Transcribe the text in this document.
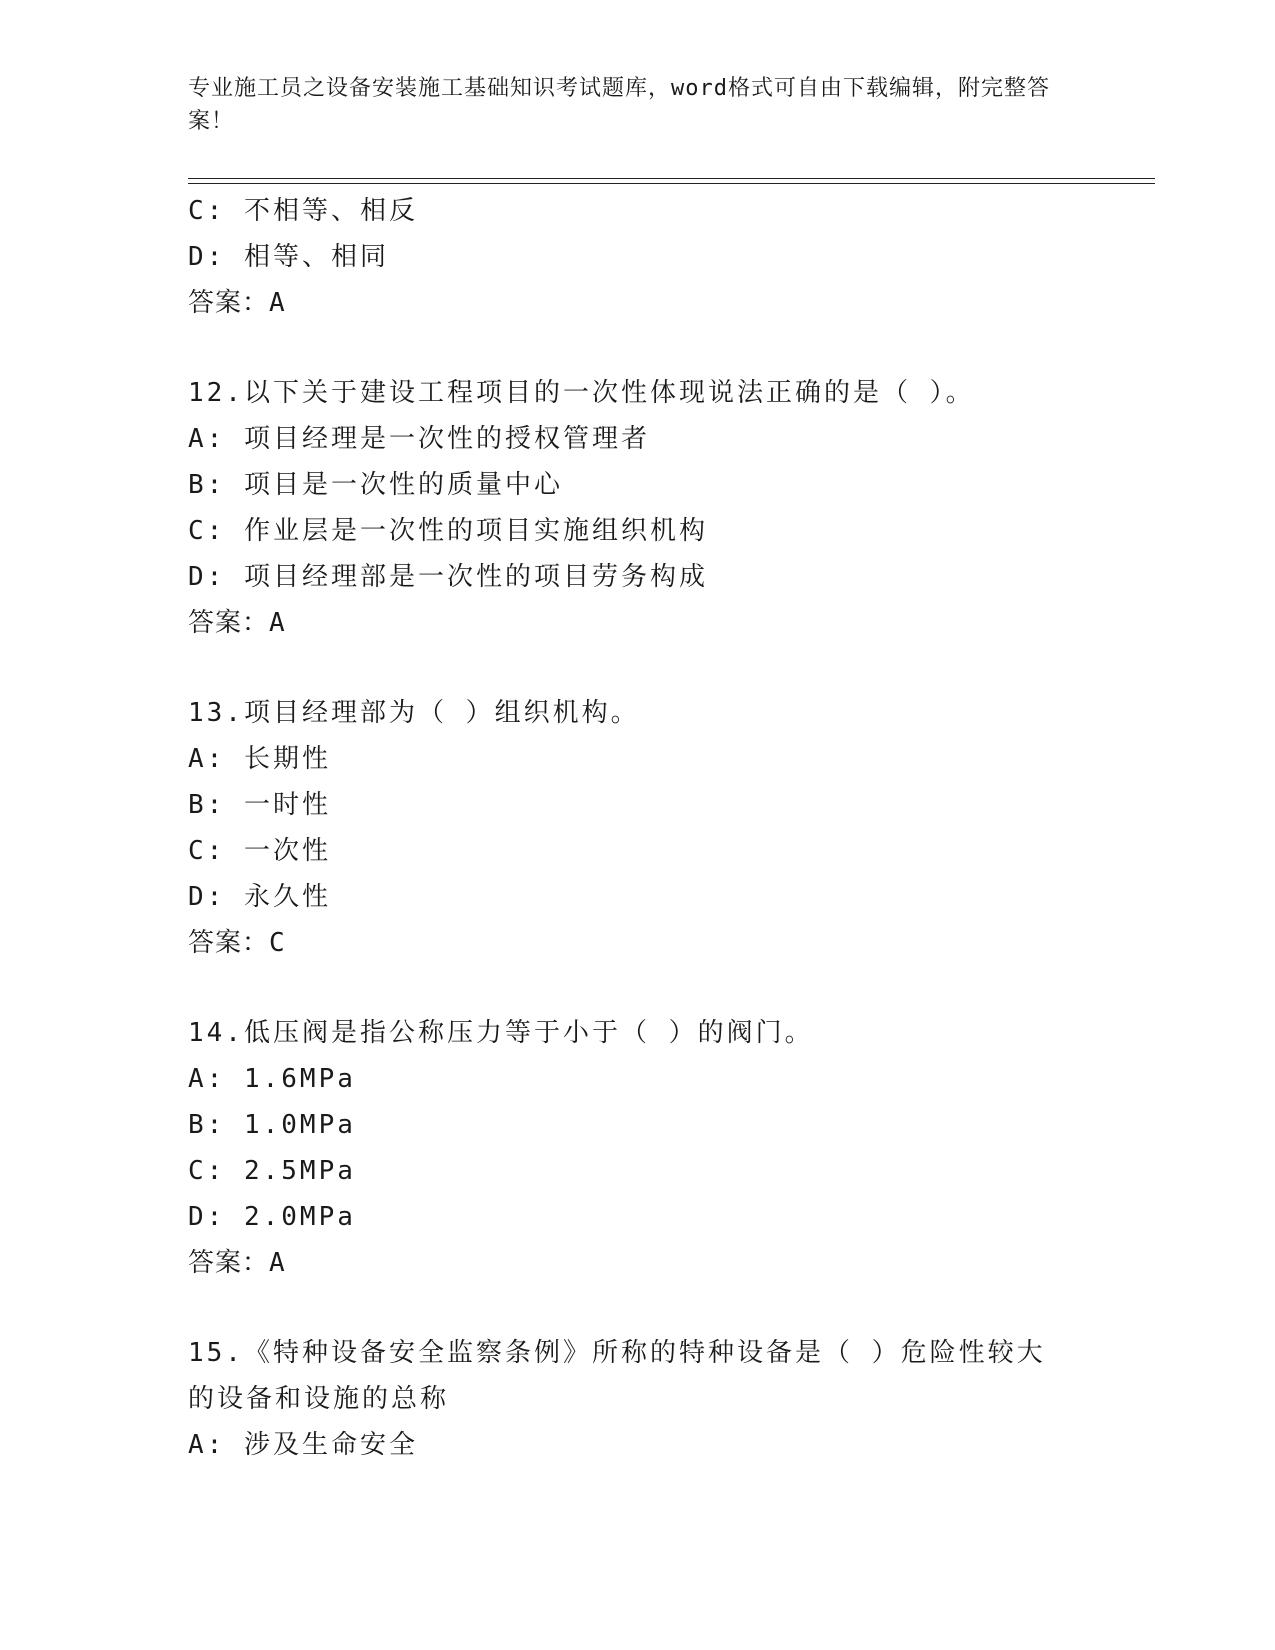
专业施工员之设备安装施工基础知识考试题库，word格式可自由下载编辑，附完整答案！
C: 不相等、相反
D: 相等、相同
答案：A
12.以下关于建设工程项目的一次性体现说法正确的是（ ）。
A: 项目经理是一次性的授权管理者
B: 项目是一次性的质量中心
C: 作业层是一次性的项目实施组织机构
D: 项目经理部是一次性的项目劳务构成
答案：A
13.项目经理部为（ ）组织机构。
A: 长期性
B: 一时性
C: 一次性
D: 永久性
答案：C
14.低压阀是指公称压力等于小于（ ）的阀门。
A: 1.6MPa
B: 1.0MPa
C: 2.5MPa
D: 2.0MPa
答案：A
15.《特种设备安全监察条例》所称的特种设备是（ ）危险性较大的设备和设施的总称
A: 涉及生命安全
